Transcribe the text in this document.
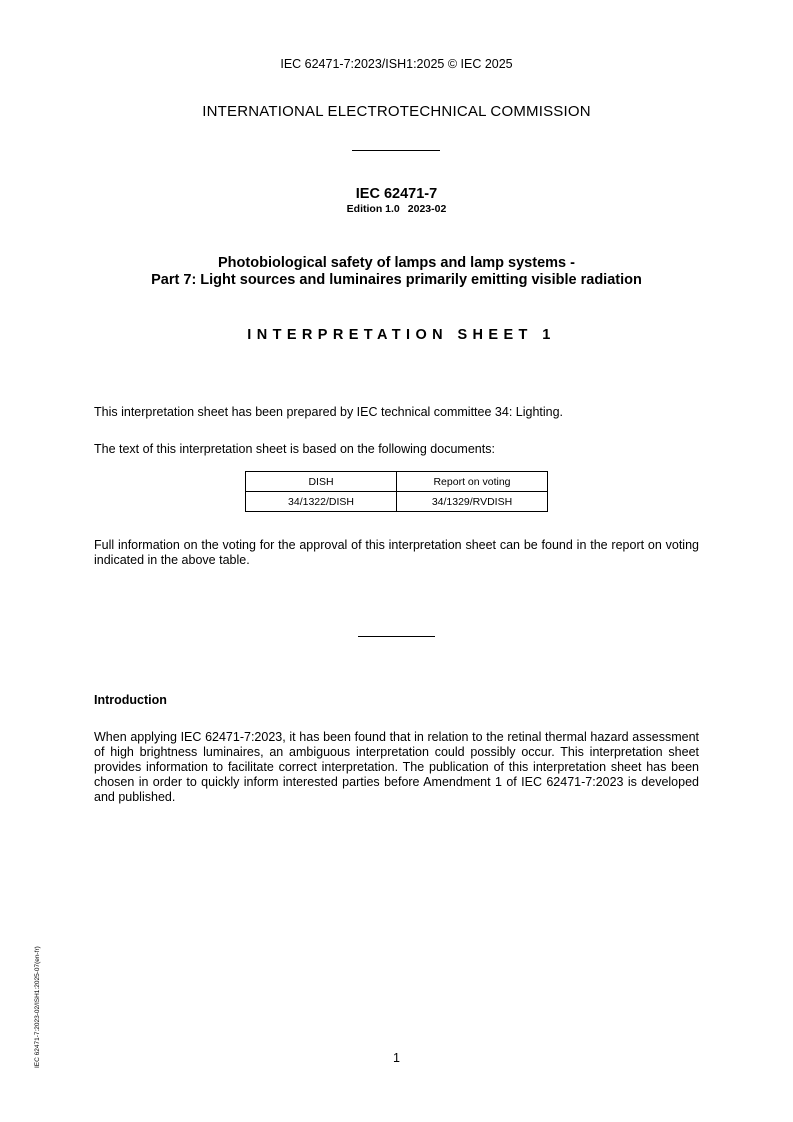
IEC 62471-7:2023/ISH1:2025 © IEC 2025
INTERNATIONAL ELECTROTECHNICAL COMMISSION
IEC 62471-7
Edition 1.0 2023-02
Photobiological safety of lamps and lamp systems -
Part 7: Light sources and luminaires primarily emitting visible radiation
INTERPRETATION SHEET 1
This interpretation sheet has been prepared by IEC technical committee 34: Lighting.
The text of this interpretation sheet is based on the following documents:
DISH	Report on voting
34/1322/DISH	34/1329/RVDISH
Full information on the voting for the approval of this interpretation sheet can be found in the report on voting indicated in the above table.
Introduction
When applying IEC 62471-7:2023, it has been found that in relation to the retinal thermal hazard assessment of high brightness luminaires, an ambiguous interpretation could possibly occur. This interpretation sheet provides information to facilitate correct interpretation. The publication of this interpretation sheet has been chosen in order to quickly inform interested parties before Amendment 1 of IEC 62471-7:2023 is developed and published.
1
IEC 62471-7:2023-02/ISH1:2025-07(en-fr)
